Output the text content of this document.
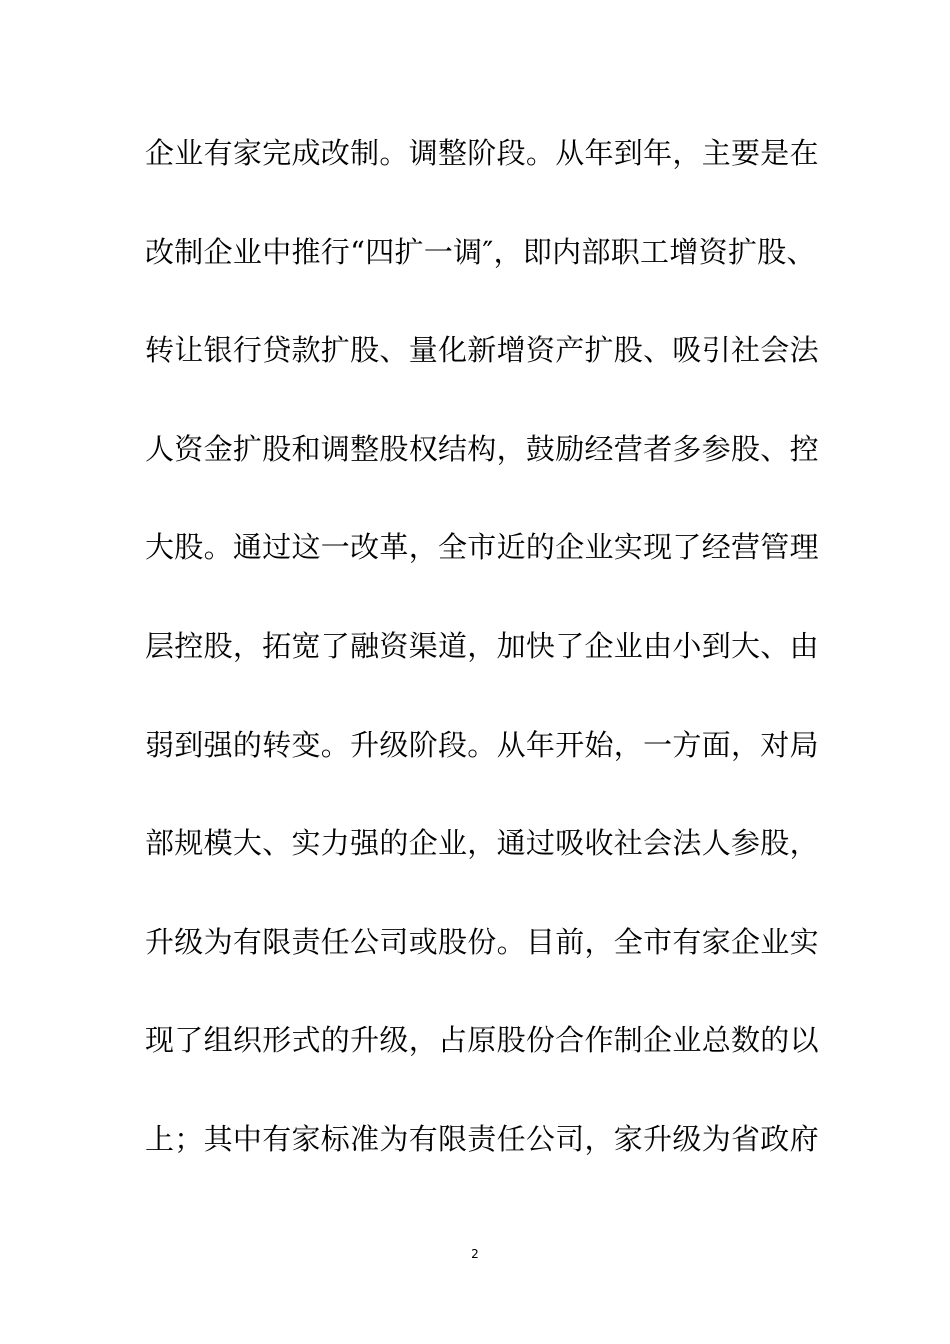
企业有家完成改制。调整阶段。从年到年，主要是在
改制企业中推行“四扩一调″，即内部职工增资扩股、
转让银行贷款扩股、量化新增资产扩股、吸引社会法
人资金扩股和调整股权结构，鼓励经营者多参股、控
大股。通过这一改革，全市近的企业实现了经营管理
层控股，拓宽了融资渠道，加快了企业由小到大、由
弱到强的转变。升级阶段。从年开始，一方面，对局
部规模大、实力强的企业，通过吸收社会法人参股，
升级为有限责任公司或股份。目前，全市有家企业实
现了组织形式的升级，占原股份合作制企业总数的以
上；其中有家标准为有限责任公司，家升级为省政府
2
